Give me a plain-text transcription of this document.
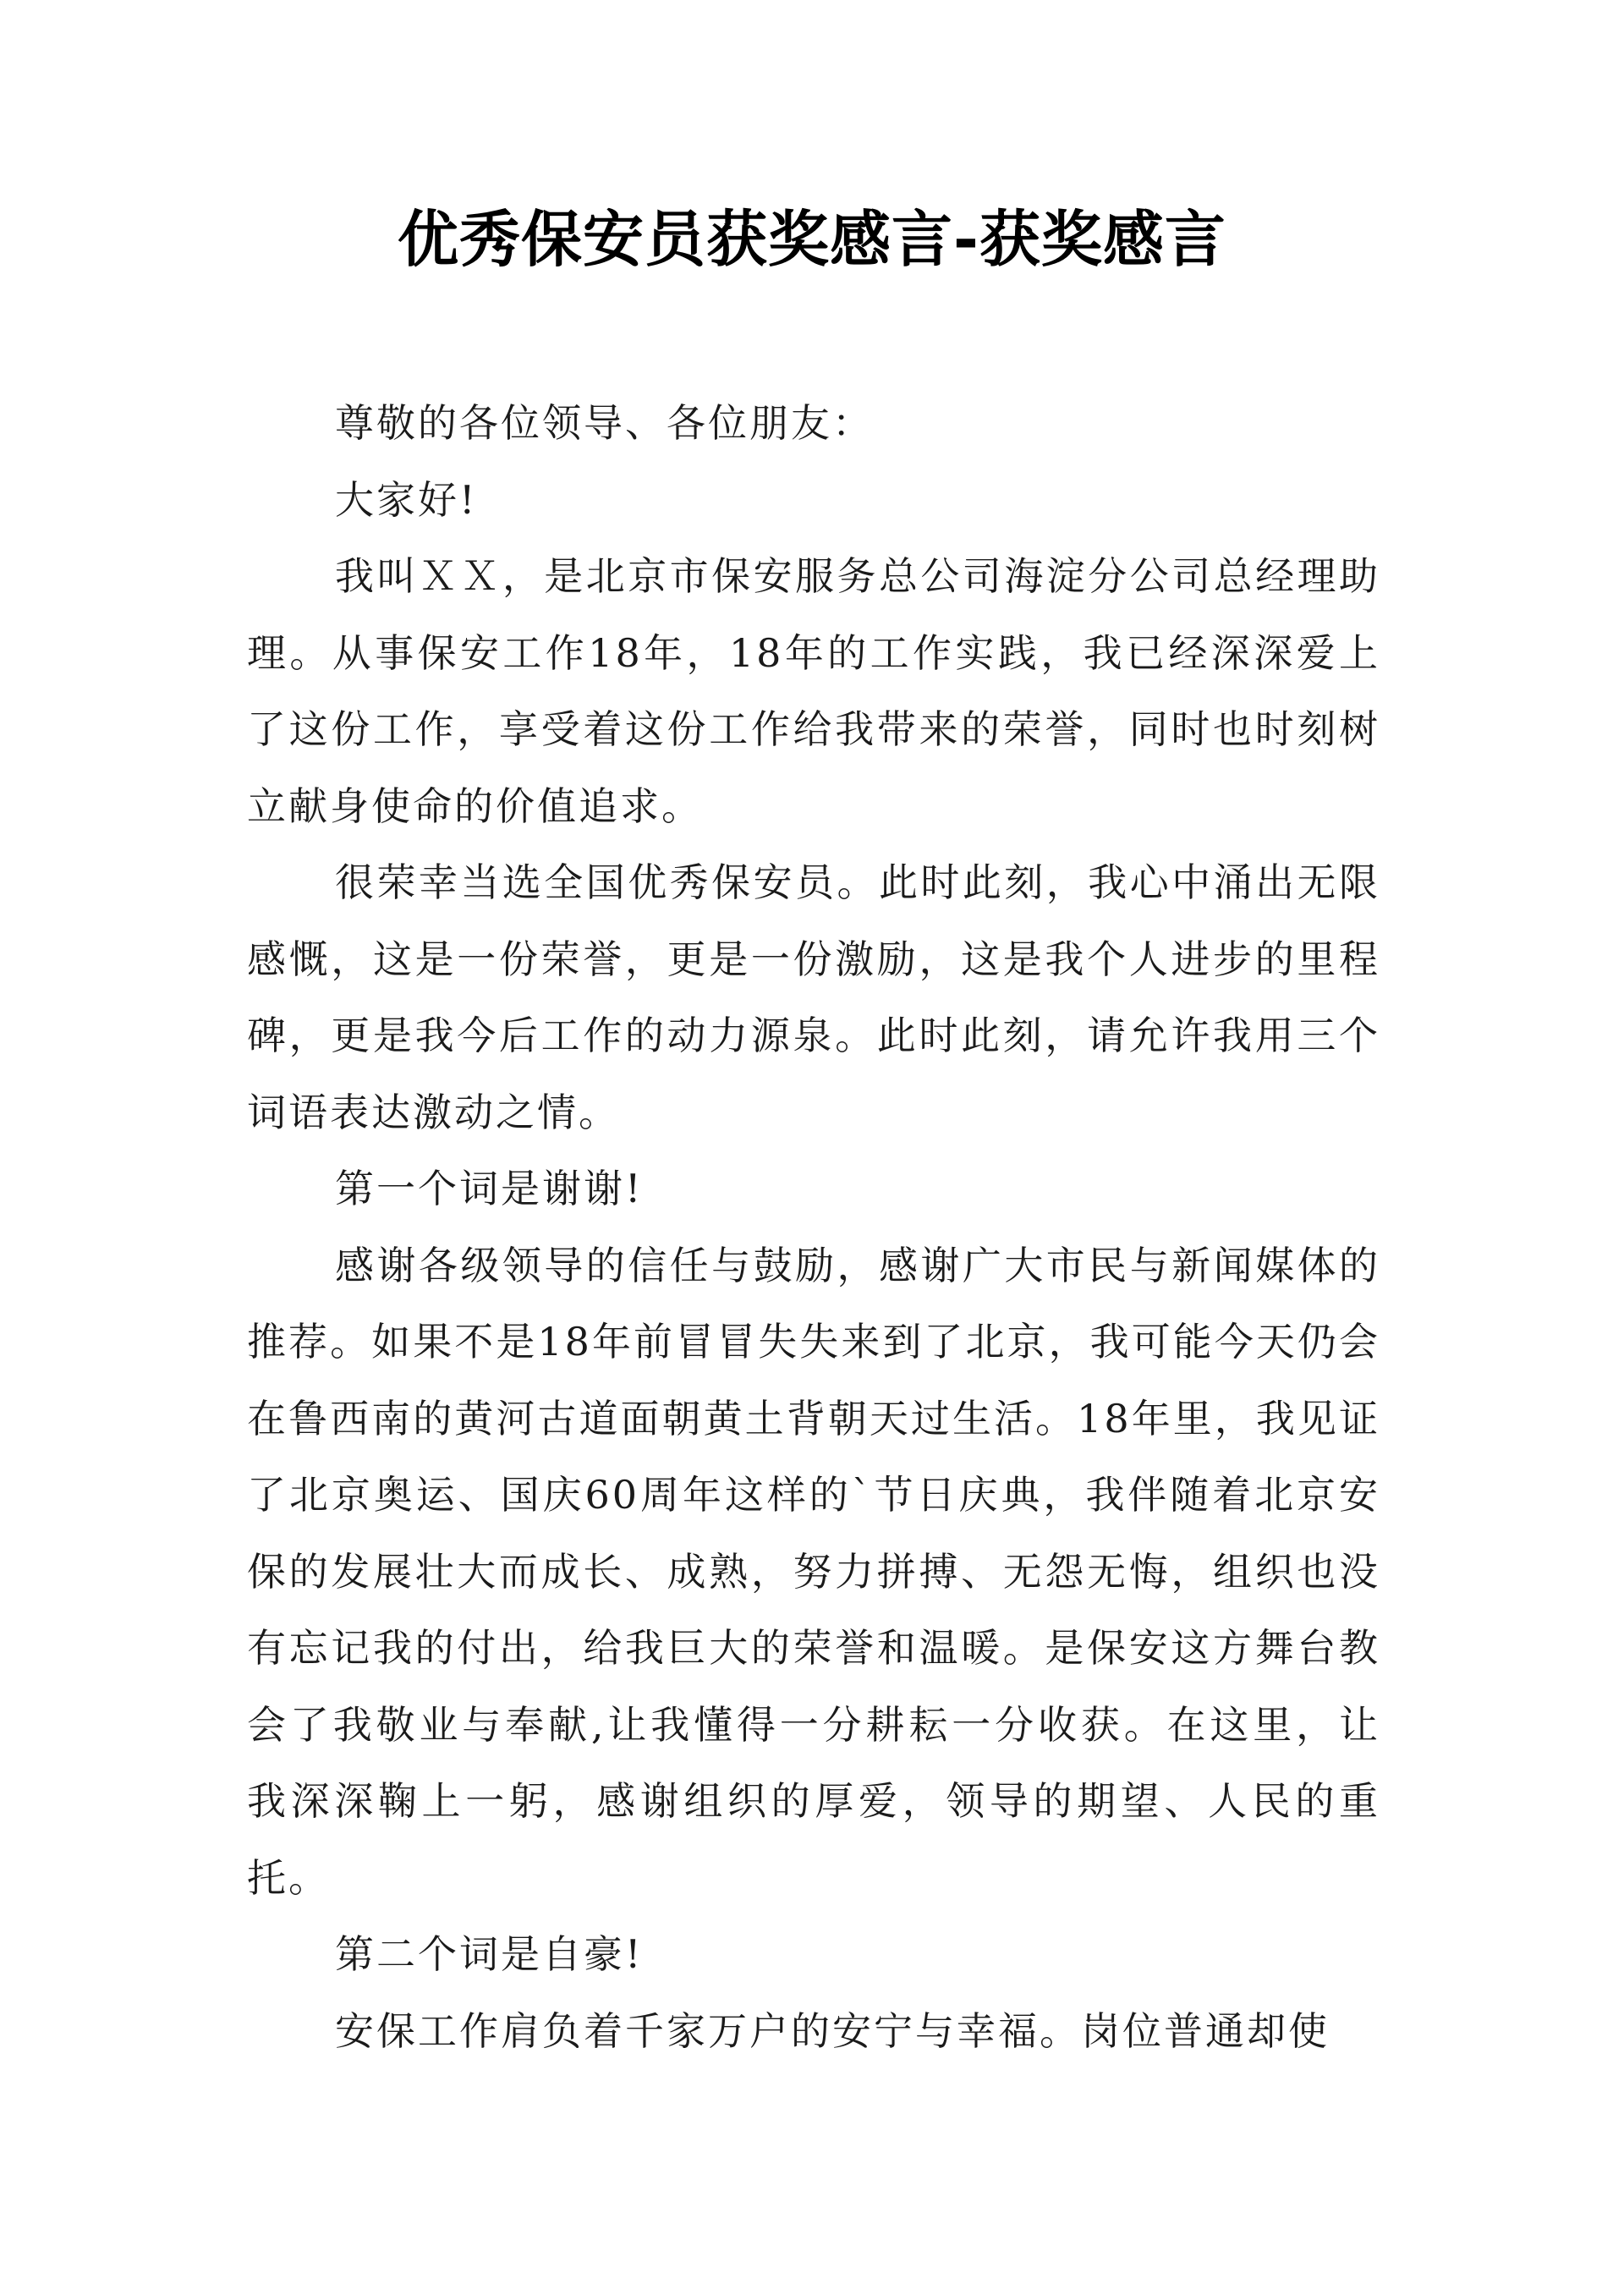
优秀保安员获奖感言-获奖感言

尊敬的各位领导、各位朋友：

大家好!

我叫ＸＸ，是北京市保安服务总公司海淀分公司总经理助理。从事保安工作18年，18年的工作实践，我已经深深爱上了这份工作，享受着这份工作给我带来的荣誉，同时也时刻树立献身使命的价值追求。

很荣幸当选全国优秀保安员。此时此刻，我心中涌出无限感慨，这是一份荣誉，更是一份激励，这是我个人进步的里程碑，更是我今后工作的动力源泉。此时此刻，请允许我用三个词语表达激动之情。

第一个词是谢谢!

感谢各级领导的信任与鼓励，感谢广大市民与新闻媒体的推荐。如果不是18年前冒冒失失来到了北京，我可能今天仍会在鲁西南的黄河古道面朝黄土背朝天过生活。18年里，我见证了北京奥运、国庆60周年这样的`节日庆典，我伴随着北京安保的发展壮大而成长、成熟，努力拼搏、无怨无悔，组织也没有忘记我的付出，给我巨大的荣誉和温暖。是保安这方舞台教会了我敬业与奉献,让我懂得一分耕耘一分收获。在这里，让我深深鞠上一躬，感谢组织的厚爱，领导的期望、人民的重托。

第二个词是自豪!

安保工作肩负着千家万户的安宁与幸福。岗位普通却使
